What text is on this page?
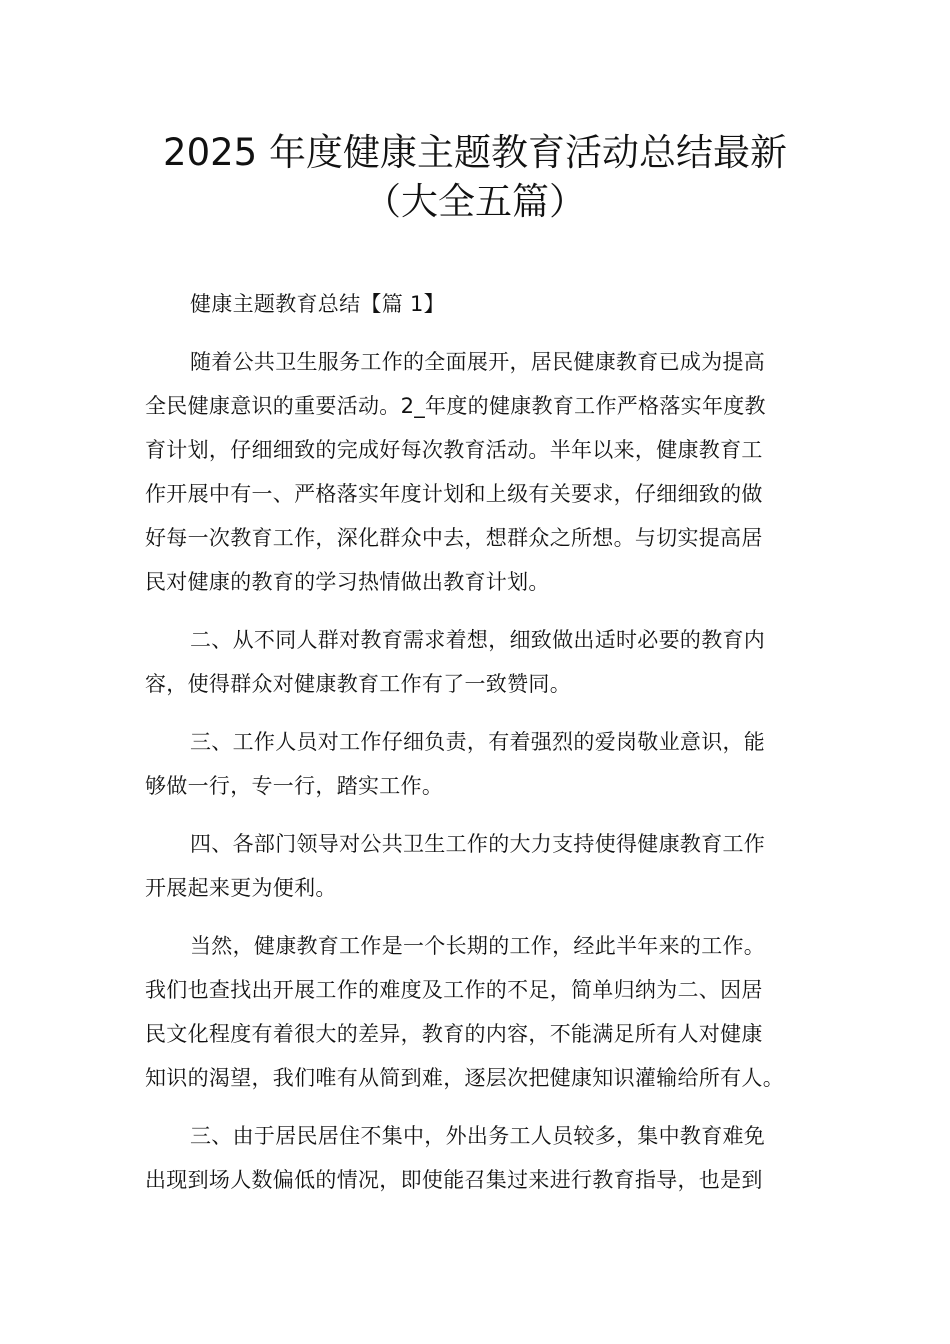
2025 年度健康主题教育活动总结最新
（大全五篇）
健康主题教育总结【篇 1】
随着公共卫生服务工作的全面展开，居民健康教育已成为提高
全民健康意识的重要活动。2_年度的健康教育工作严格落实年度教
育计划，仔细细致的完成好每次教育活动。半年以来，健康教育工
作开展中有一、严格落实年度计划和上级有关要求，仔细细致的做
好每一次教育工作，深化群众中去，想群众之所想。与切实提高居
民对健康的教育的学习热情做出教育计划。
二、从不同人群对教育需求着想，细致做出适时必要的教育内
容，使得群众对健康教育工作有了一致赞同。
三、工作人员对工作仔细负责，有着强烈的爱岗敬业意识，能
够做一行，专一行，踏实工作。
四、各部门领导对公共卫生工作的大力支持使得健康教育工作
开展起来更为便利。
当然，健康教育工作是一个长期的工作，经此半年来的工作。
我们也查找出开展工作的难度及工作的不足，简单归纳为二、因居
民文化程度有着很大的差异，教育的内容，不能满足所有人对健康
知识的渴望，我们唯有从简到难，逐层次把健康知识灌输给所有人。
三、由于居民居住不集中，外出务工人员较多，集中教育难免
出现到场人数偏低的情况，即使能召集过来进行教育指导，也是到
